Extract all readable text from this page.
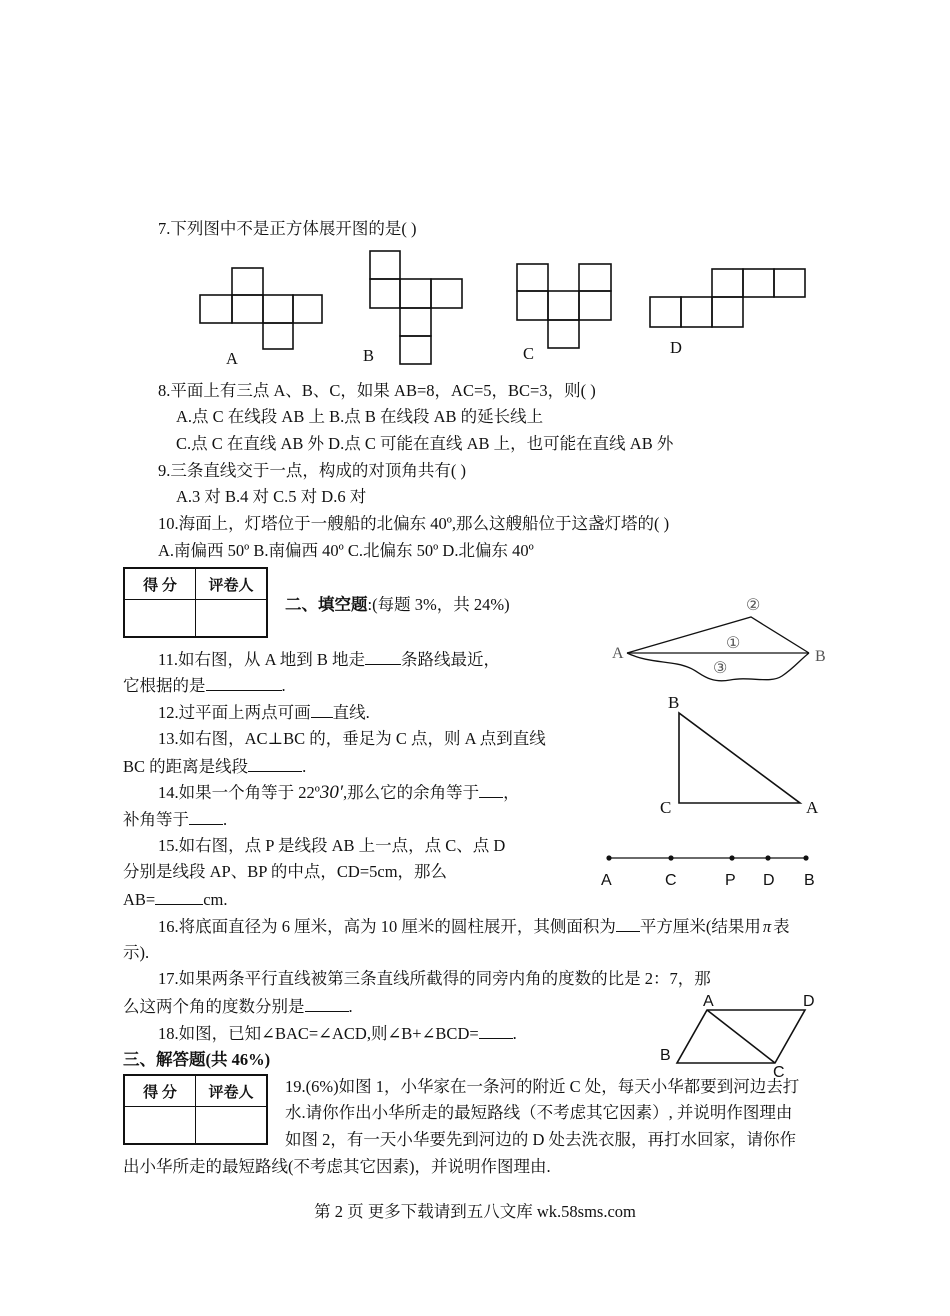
7.下列图中不是正方体展开图的是( )
A	B	C	D
8.平面上有三点 A、B、C，如果 AB=8，AC=5，BC=3，则( )
A.点 C 在线段 AB 上 B.点 B 在线段 AB 的延长线上
C.点 C 在直线 AB 外 D.点 C 可能在直线 AB 上，也可能在直线 AB 外
9.三条直线交于一点，构成的对顶角共有( )
A.3 对 B.4 对 C.5 对 D.6 对
10.海面上，灯塔位于一艘船的北偏东 40º,那么这艘船位于这盏灯塔的( )
A.南偏西 50º B.南偏西 40º C.北偏东 50º D.北偏东 40º
得 分	评卷人

二、填空题:(每题 3%，共 24%)
A	B
②
①
③
11.如右图，从 A 地到 B 地走 条路线最近，
它根据的是	.
12.过平面上两点可画 直线.
B
C	A
13.如右图，AC⊥BC 的，垂足为 C 点，则 A 点到直线
BC 的距离是线段	.
14.如果一个角等于 22º30′,那么它的余角等于 ，
补角等于 .
A	C	P D B
15.如右图，点 P 是线段 AB 上一点，点 C、点 D
分别是线段 AP、BP 的中点，CD=5cm，那么
AB=	cm.
16.将底面直径为 6 厘米，高为 10 厘米的圆柱展开，其侧面积为 平方厘米(结果用 π 表
示).
17.如果两条平行直线被第三条直线所截得的同旁内角的度数的比是 2：7，那
么这两个角的度数分别是	.	A	D
B
C
18.如图，已知∠BAC=∠ACD,则∠B+∠BCD= .
三、解答题(共 46%)
得 分	评卷人
	19.(6%)如图 1，小华家在一条河的附近 C 处，每天小华都要到河边去打
水.请你作出小华所走的最短路线（不考虑其它因素）, 并说明作图理由
如图 2，有一天小华要先到河边的 D 处去洗衣服，再打水回家，请你作
出小华所走的最短路线(不考虑其它因素)，并说明作图理由.
第 2 页 更多下载请到五八文库 wk.58sms.com
